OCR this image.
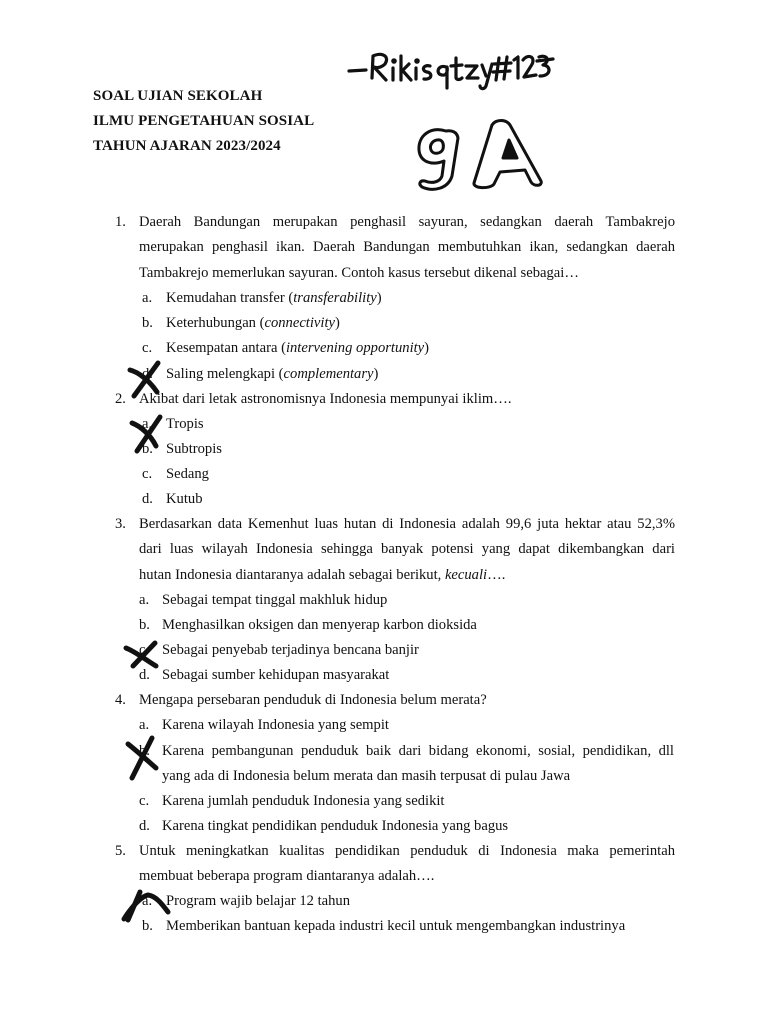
SOAL UJIAN SEKOLAH
ILMU PENGETAHUAN SOSIAL
TAHUN AJARAN 2023/2024
1. Daerah Bandungan merupakan penghasil sayuran, sedangkan daerah Tambakrejo
merupakan penghasil ikan. Daerah Bandungan membutuhkan ikan, sedangkan daerah
Tambakrejo memerlukan sayuran. Contoh kasus tersebut dikenal sebagai…
a. Kemudahan transfer (transferability)
b. Keterhubungan (connectivity)
c. Kesempatan antara (intervening opportunity)
d. Saling melengkapi (complementary)
2. Akibat dari letak astronomisnya Indonesia mempunyai iklim….
a. Tropis
b. Subtropis
c. Sedang
d. Kutub
3. Berdasarkan data Kemenhut luas hutan di Indonesia adalah 99,6 juta hektar atau 52,3%
dari luas wilayah Indonesia sehingga banyak potensi yang dapat dikembangkan dari
hutan Indonesia diantaranya adalah sebagai berikut, kecuali….
a. Sebagai tempat tinggal makhluk hidup
b. Menghasilkan oksigen dan menyerap karbon dioksida
c. Sebagai penyebab terjadinya bencana banjir
d. Sebagai sumber kehidupan masyarakat
4. Mengapa persebaran penduduk di Indonesia belum merata?
a. Karena wilayah Indonesia yang sempit
b. Karena pembangunan penduduk baik dari bidang ekonomi, sosial, pendidikan, dll
yang ada di Indonesia belum merata dan masih terpusat di pulau Jawa
c. Karena jumlah penduduk Indonesia yang sedikit
d. Karena tingkat pendidikan penduduk Indonesia yang bagus
5. Untuk meningkatkan kualitas pendidikan penduduk di Indonesia maka pemerintah
membuat beberapa program diantaranya adalah….
a. Program wajib belajar 12 tahun
b. Memberikan bantuan kepada industri kecil untuk mengembangkan industrinya
